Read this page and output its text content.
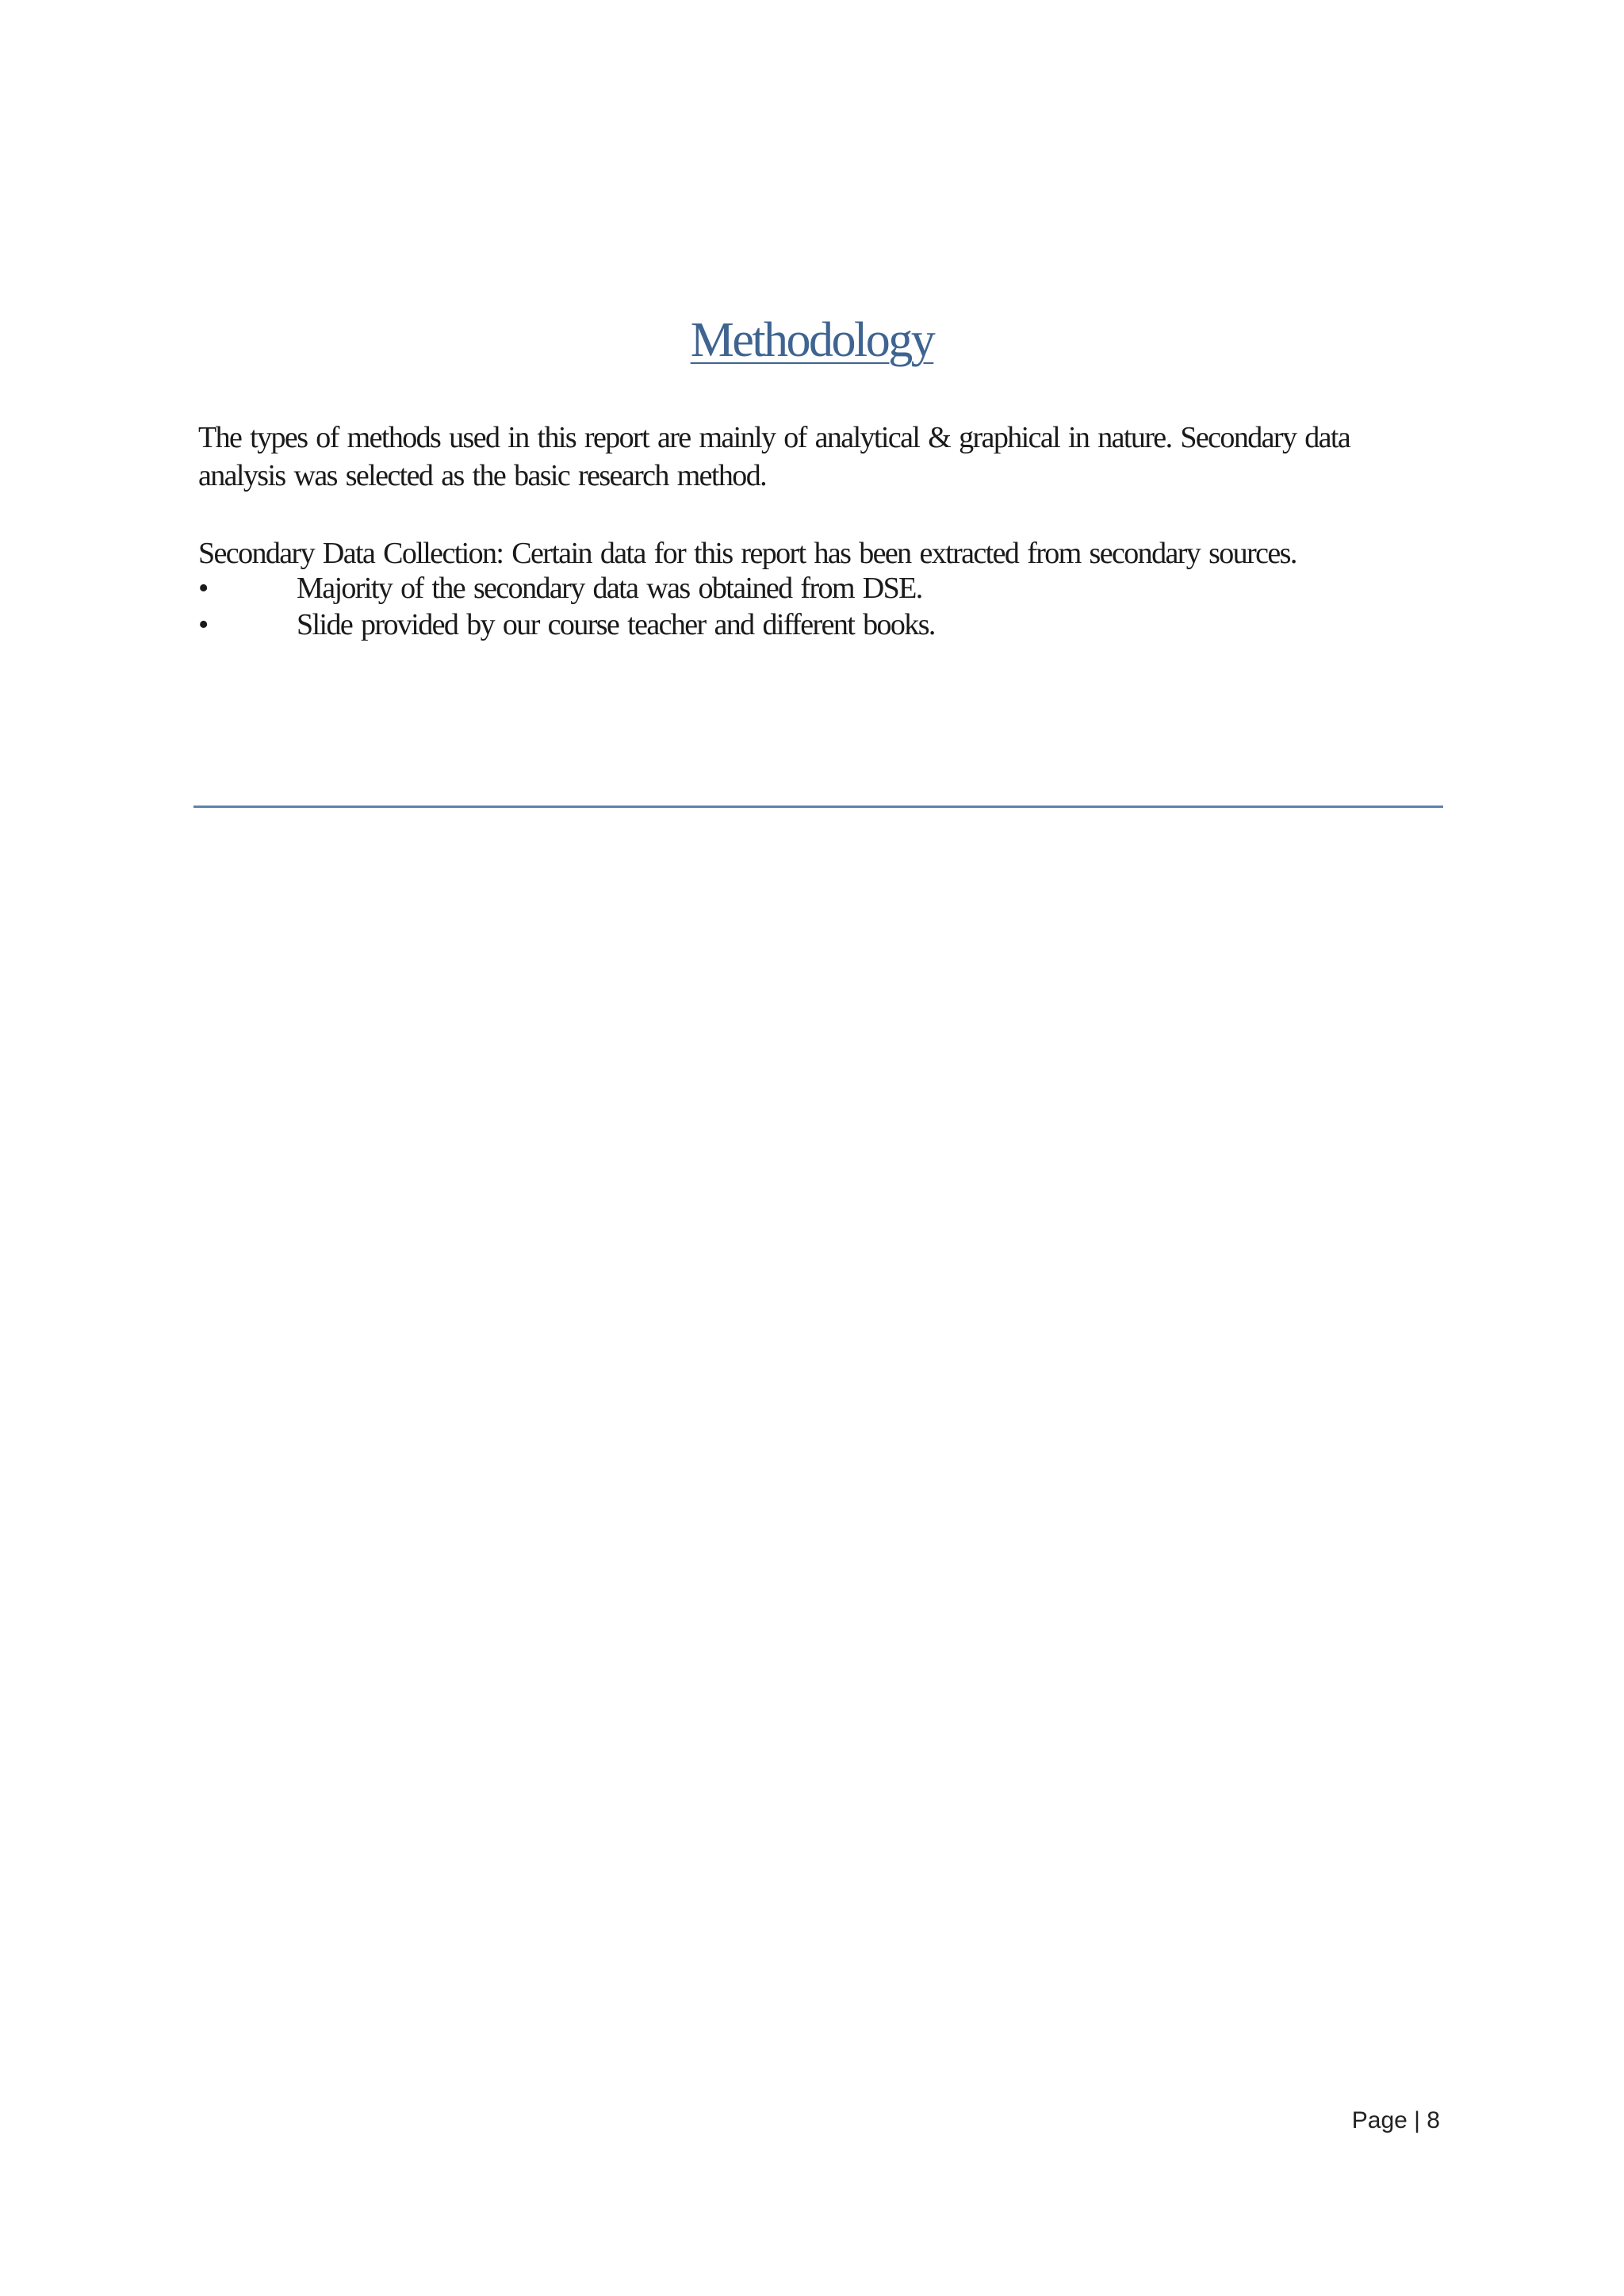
Methodology
The types of methods used in this report are mainly of analytical & graphical in nature. Secondary data analysis was selected as the basic research method.
Secondary Data Collection: Certain data for this report has been extracted from secondary sources.
•	Majority of the secondary data was obtained from DSE.
•	Slide provided by our course teacher and different books.
Page | 8
